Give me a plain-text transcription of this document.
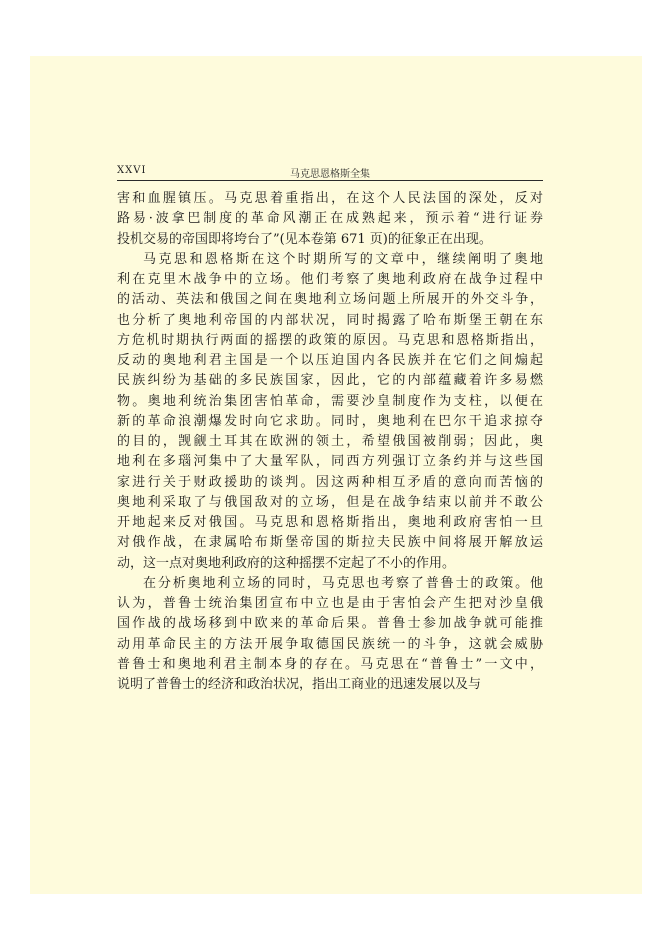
XXVI	马克思恩格斯全集
害和血腥镇压。马克思着重指出，在这个人民法国的深处，反对
路易·波拿巴制度的革命风潮正在成熟起来，预示着“进行证券
投机交易的帝国即将垮台了”(见本卷第 671 页)的征象正在出现。
马克思和恩格斯在这个时期所写的文章中，继续阐明了奥地
利在克里木战争中的立场。他们考察了奥地利政府在战争过程中
的活动、英法和俄国之间在奥地利立场问题上所展开的外交斗争，
也分析了奥地利帝国的内部状况，同时揭露了哈布斯堡王朝在东
方危机时期执行两面的摇摆的政策的原因。马克思和恩格斯指出，
反动的奥地利君主国是一个以压迫国内各民族并在它们之间煽起
民族纠纷为基础的多民族国家，因此，它的内部蕴藏着许多易燃
物。奥地利统治集团害怕革命，需要沙皇制度作为支柱，以便在
新的革命浪潮爆发时向它求助。同时，奥地利在巴尔干追求掠夺
的目的，觊觎土耳其在欧洲的领土，希望俄国被削弱；因此，奥
地利在多瑙河集中了大量军队，同西方列强订立条约并与这些国
家进行关于财政援助的谈判。因这两种相互矛盾的意向而苦恼的
奥地利采取了与俄国敌对的立场，但是在战争结束以前并不敢公
开地起来反对俄国。马克思和恩格斯指出，奥地利政府害怕一旦
对俄作战，在隶属哈布斯堡帝国的斯拉夫民族中间将展开解放运
动，这一点对奥地利政府的这种摇摆不定起了不小的作用。
在分析奥地利立场的同时，马克思也考察了普鲁士的政策。他
认为，普鲁士统治集团宣布中立也是由于害怕会产生把对沙皇俄
国作战的战场移到中欧来的革命后果。普鲁士参加战争就可能推
动用革命民主的方法开展争取德国民族统一的斗争，这就会威胁
普鲁士和奥地利君主制本身的存在。马克思在“普鲁士”一文中，
说明了普鲁士的经济和政治状况，指出工商业的迅速发展以及与
